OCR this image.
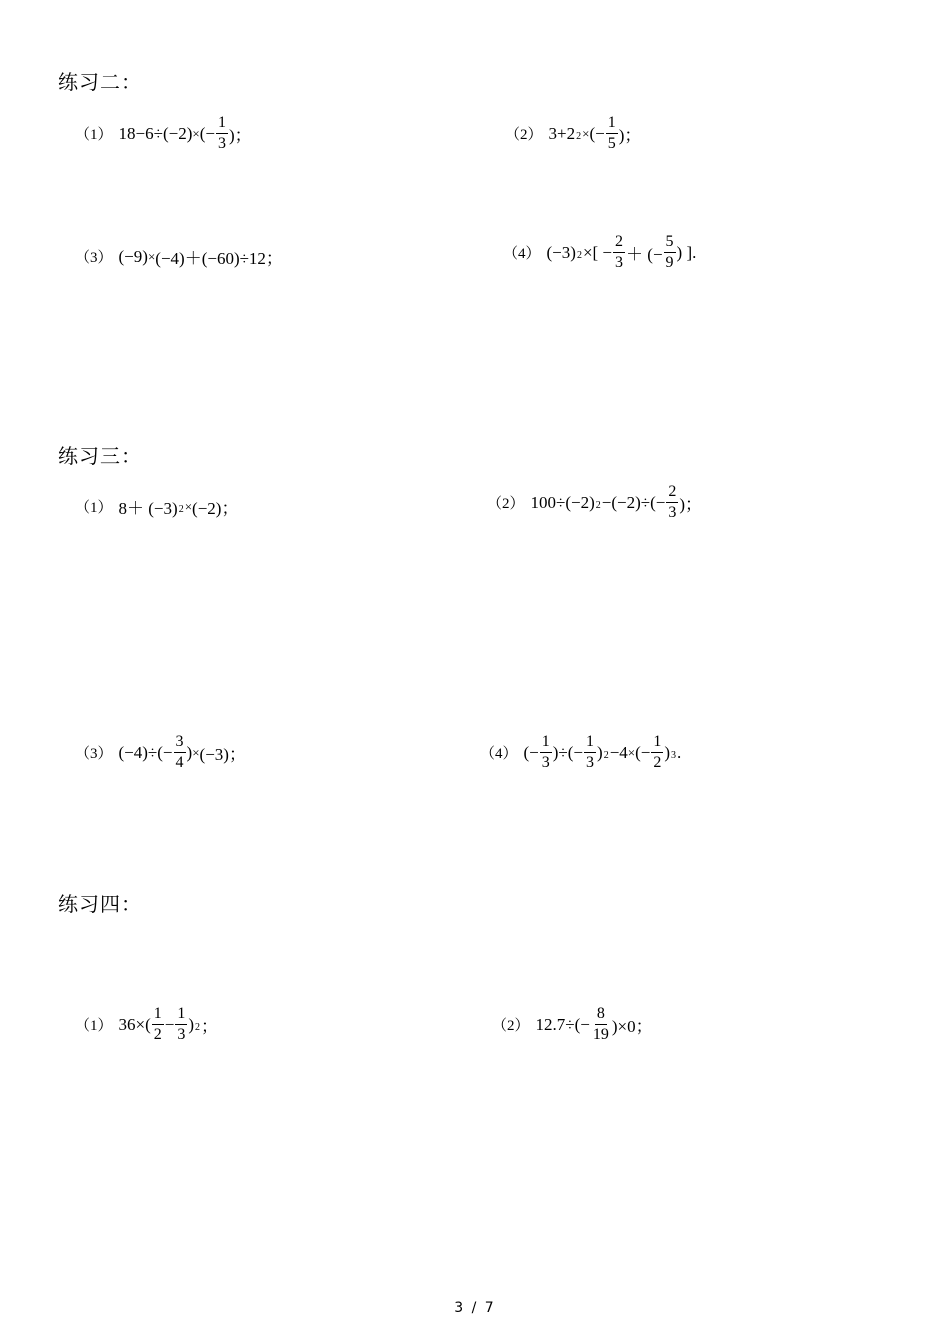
练习二：
（1） 18−6 ÷ (−2) × (− $\frac{1}{3}$ )；	（2） 3+2 2 × (− $\frac{1}{5}$ )；
（3） (−9) × (−4)＋(−60)÷12；	（4） (−3) 2 ×[ − $\frac{2}{3}$ ＋ (− $\frac{5}{9}$ ) ].
练习三：
（1） 8＋ (−3) 2 × (−2)；	（2） 100÷(−2) $2 -(-2)\div(- \frac{2}{3}$ )；
（3） $(-4)\div(- \frac{3}{4}$ ) × (−3)；	（4） (− $\frac{1}{3}$ )÷(− $\frac{1}{3}$ ) 2 −4 × (− $\frac{1}{2}$ ) 3 .
练习四：
（1） $36\times( \frac{1}{2} - \frac{1}{3}$ ) 2 ；	（2） $12.7\div(- \frac{8}{19} )\times 0$；
3 / 7
